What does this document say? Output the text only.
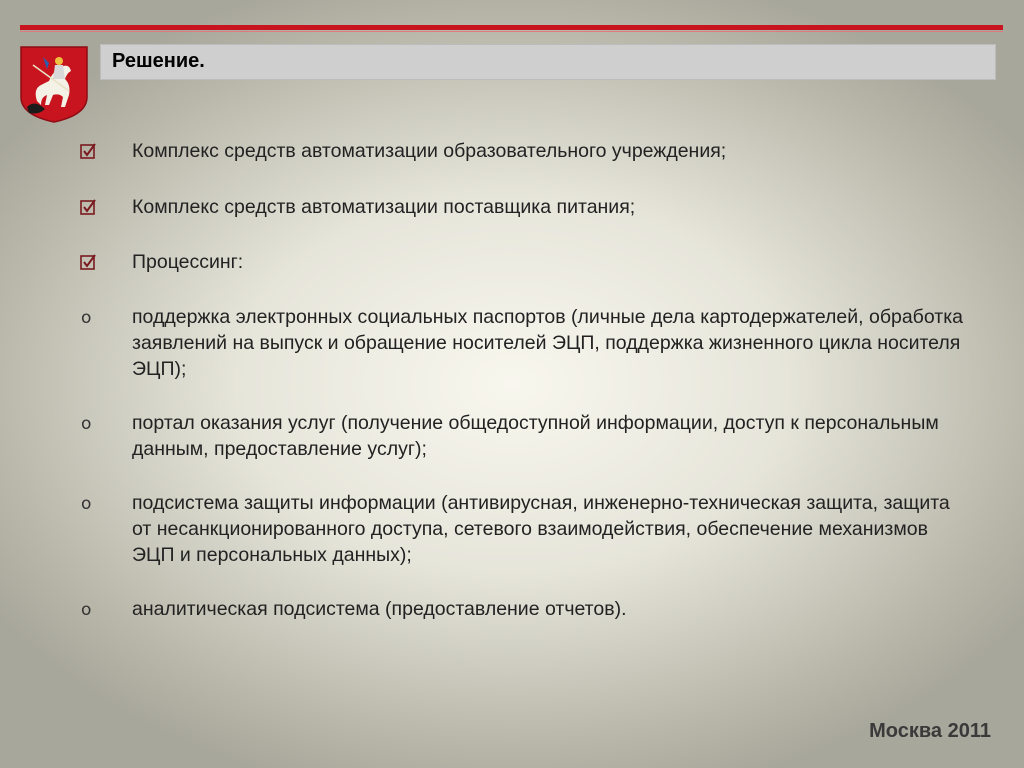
Решение.
Комплекс средств автоматизации образовательного учреждения;
Комплекс средств автоматизации поставщика питания;
Процессинг:
o поддержка электронных социальных паспортов (личные дела картодержателей, обработка заявлений на выпуск и обращение носителей ЭЦП, поддержка жизненного цикла носителя ЭЦП);
o портал оказания услуг (получение общедоступной информации, доступ к персональным данным, предоставление услуг);
o подсистема защиты информации (антивирусная, инженерно-техническая защита, защита от несанкционированного доступа, сетевого взаимодействия, обеспечение механизмов ЭЦП и персональных данных);
o аналитическая подсистема (предоставление отчетов).
Москва 2011
